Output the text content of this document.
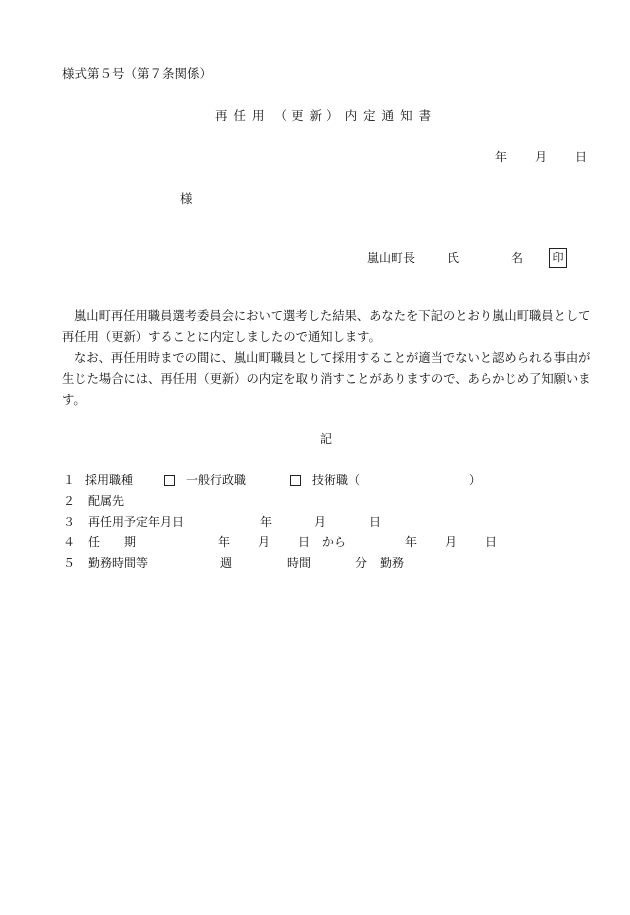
様式第５号（第７条関係）
再 任 用 （ 更 新 ） 内 定 通 知 書
年 月 日
様
嵐山町長	氏	名	印

嵐山町再任用職員選考委員会において選考した結果、あなたを下記のとおり嵐山町職員として再任用（更新）することに内定しましたので通知します。

なお、再任用時までの間に、嵐山町職員として採用することが適当でないと認められる事由が生じた場合には、再任用（更新）の内定を取り消すことがありますので、あらかじめ了知願います。

記
１ 採用職種	一般行政職	技術職（	）
２ 配属先
３ 再任用予定年月日	年	月	日
４ 任 期	年 月 日 から	年 月 日
５ 勤務時間等	週	時間	分 勤務
